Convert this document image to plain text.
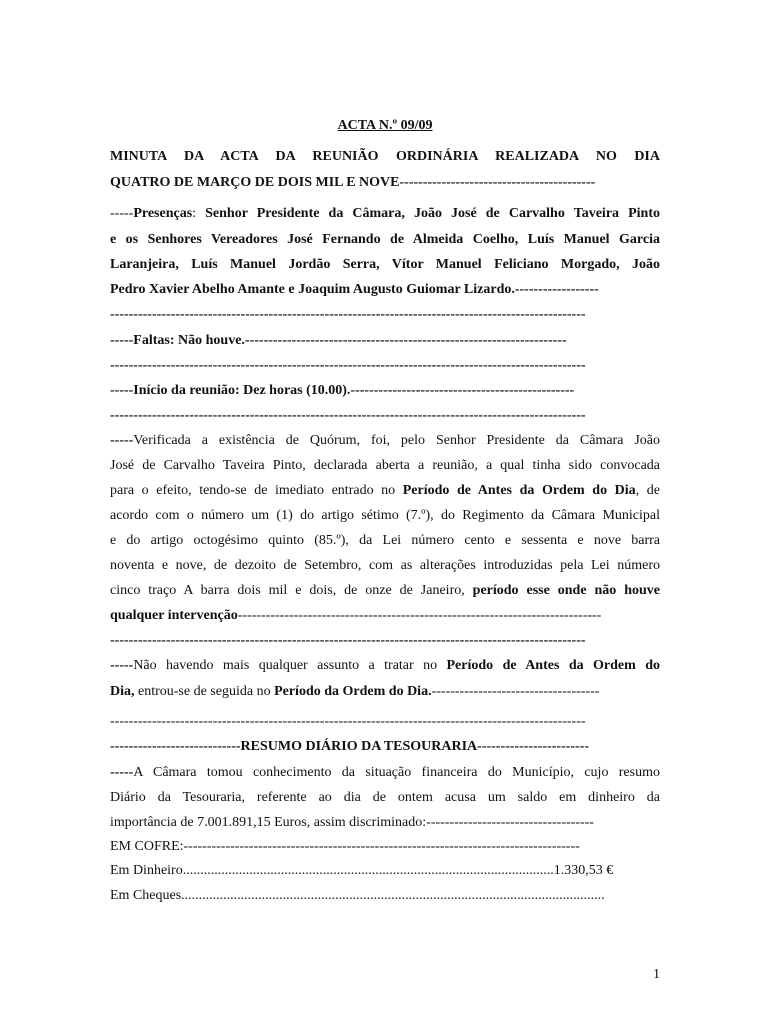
ACTA N.º 09/09
MINUTA DA ACTA DA REUNIÃO ORDINÁRIA REALIZADA NO DIA
QUATRO DE MARÇO DE DOIS MIL E NOVE------------------------------------------
-----Presenças: Senhor Presidente da Câmara, João José de Carvalho Taveira Pinto
e os Senhores Vereadores José Fernando de Almeida Coelho, Luís Manuel Garcia
Laranjeira, Luís Manuel Jordão Serra, Vítor Manuel Feliciano Morgado, João
Pedro Xavier Abelho Amante e Joaquim Augusto Guiomar Lizardo.------------------
------------------------------------------------------------------------------------------------------
-----Faltas: Não houve.---------------------------------------------------------------------
------------------------------------------------------------------------------------------------------
-----Início da reunião: Dez horas (10.00).------------------------------------------------
------------------------------------------------------------------------------------------------------
-----Verificada a existência de Quórum, foi, pelo Senhor Presidente da Câmara João
José de Carvalho Taveira Pinto, declarada aberta a reunião, a qual tinha sido convocada
para o efeito, tendo-se de imediato entrado no Período de Antes da Ordem do Dia, de
acordo com o número um (1) do artigo sétimo (7.º), do Regimento da Câmara Municipal
e do artigo octogésimo quinto (85.º), da Lei número cento e sessenta e nove barra
noventa e nove, de dezoito de Setembro, com as alterações introduzidas pela Lei número
cinco traço A barra dois mil e dois, de onze de Janeiro, período esse onde não houve
qualquer intervenção------------------------------------------------------------------------------
------------------------------------------------------------------------------------------------------
-----Não havendo mais qualquer assunto a tratar no Período de Antes da Ordem do
Dia, entrou-se de seguida no Período da Ordem do Dia.------------------------------------
------------------------------------------------------------------------------------------------------
----------------------------RESUMO DIÁRIO DA TESOURARIA------------------------
-----A Câmara tomou conhecimento da situação financeira do Município, cujo resumo
Diário da Tesouraria, referente ao dia de ontem acusa um saldo em dinheiro da
importância de 7.001.891,15 Euros, assim discriminado:------------------------------------
EM COFRE:-------------------------------------------------------------------------------------
Em Dinheiro..........................................................................................................1.330,53 €
Em Cheques.........................................................................................................................
1
